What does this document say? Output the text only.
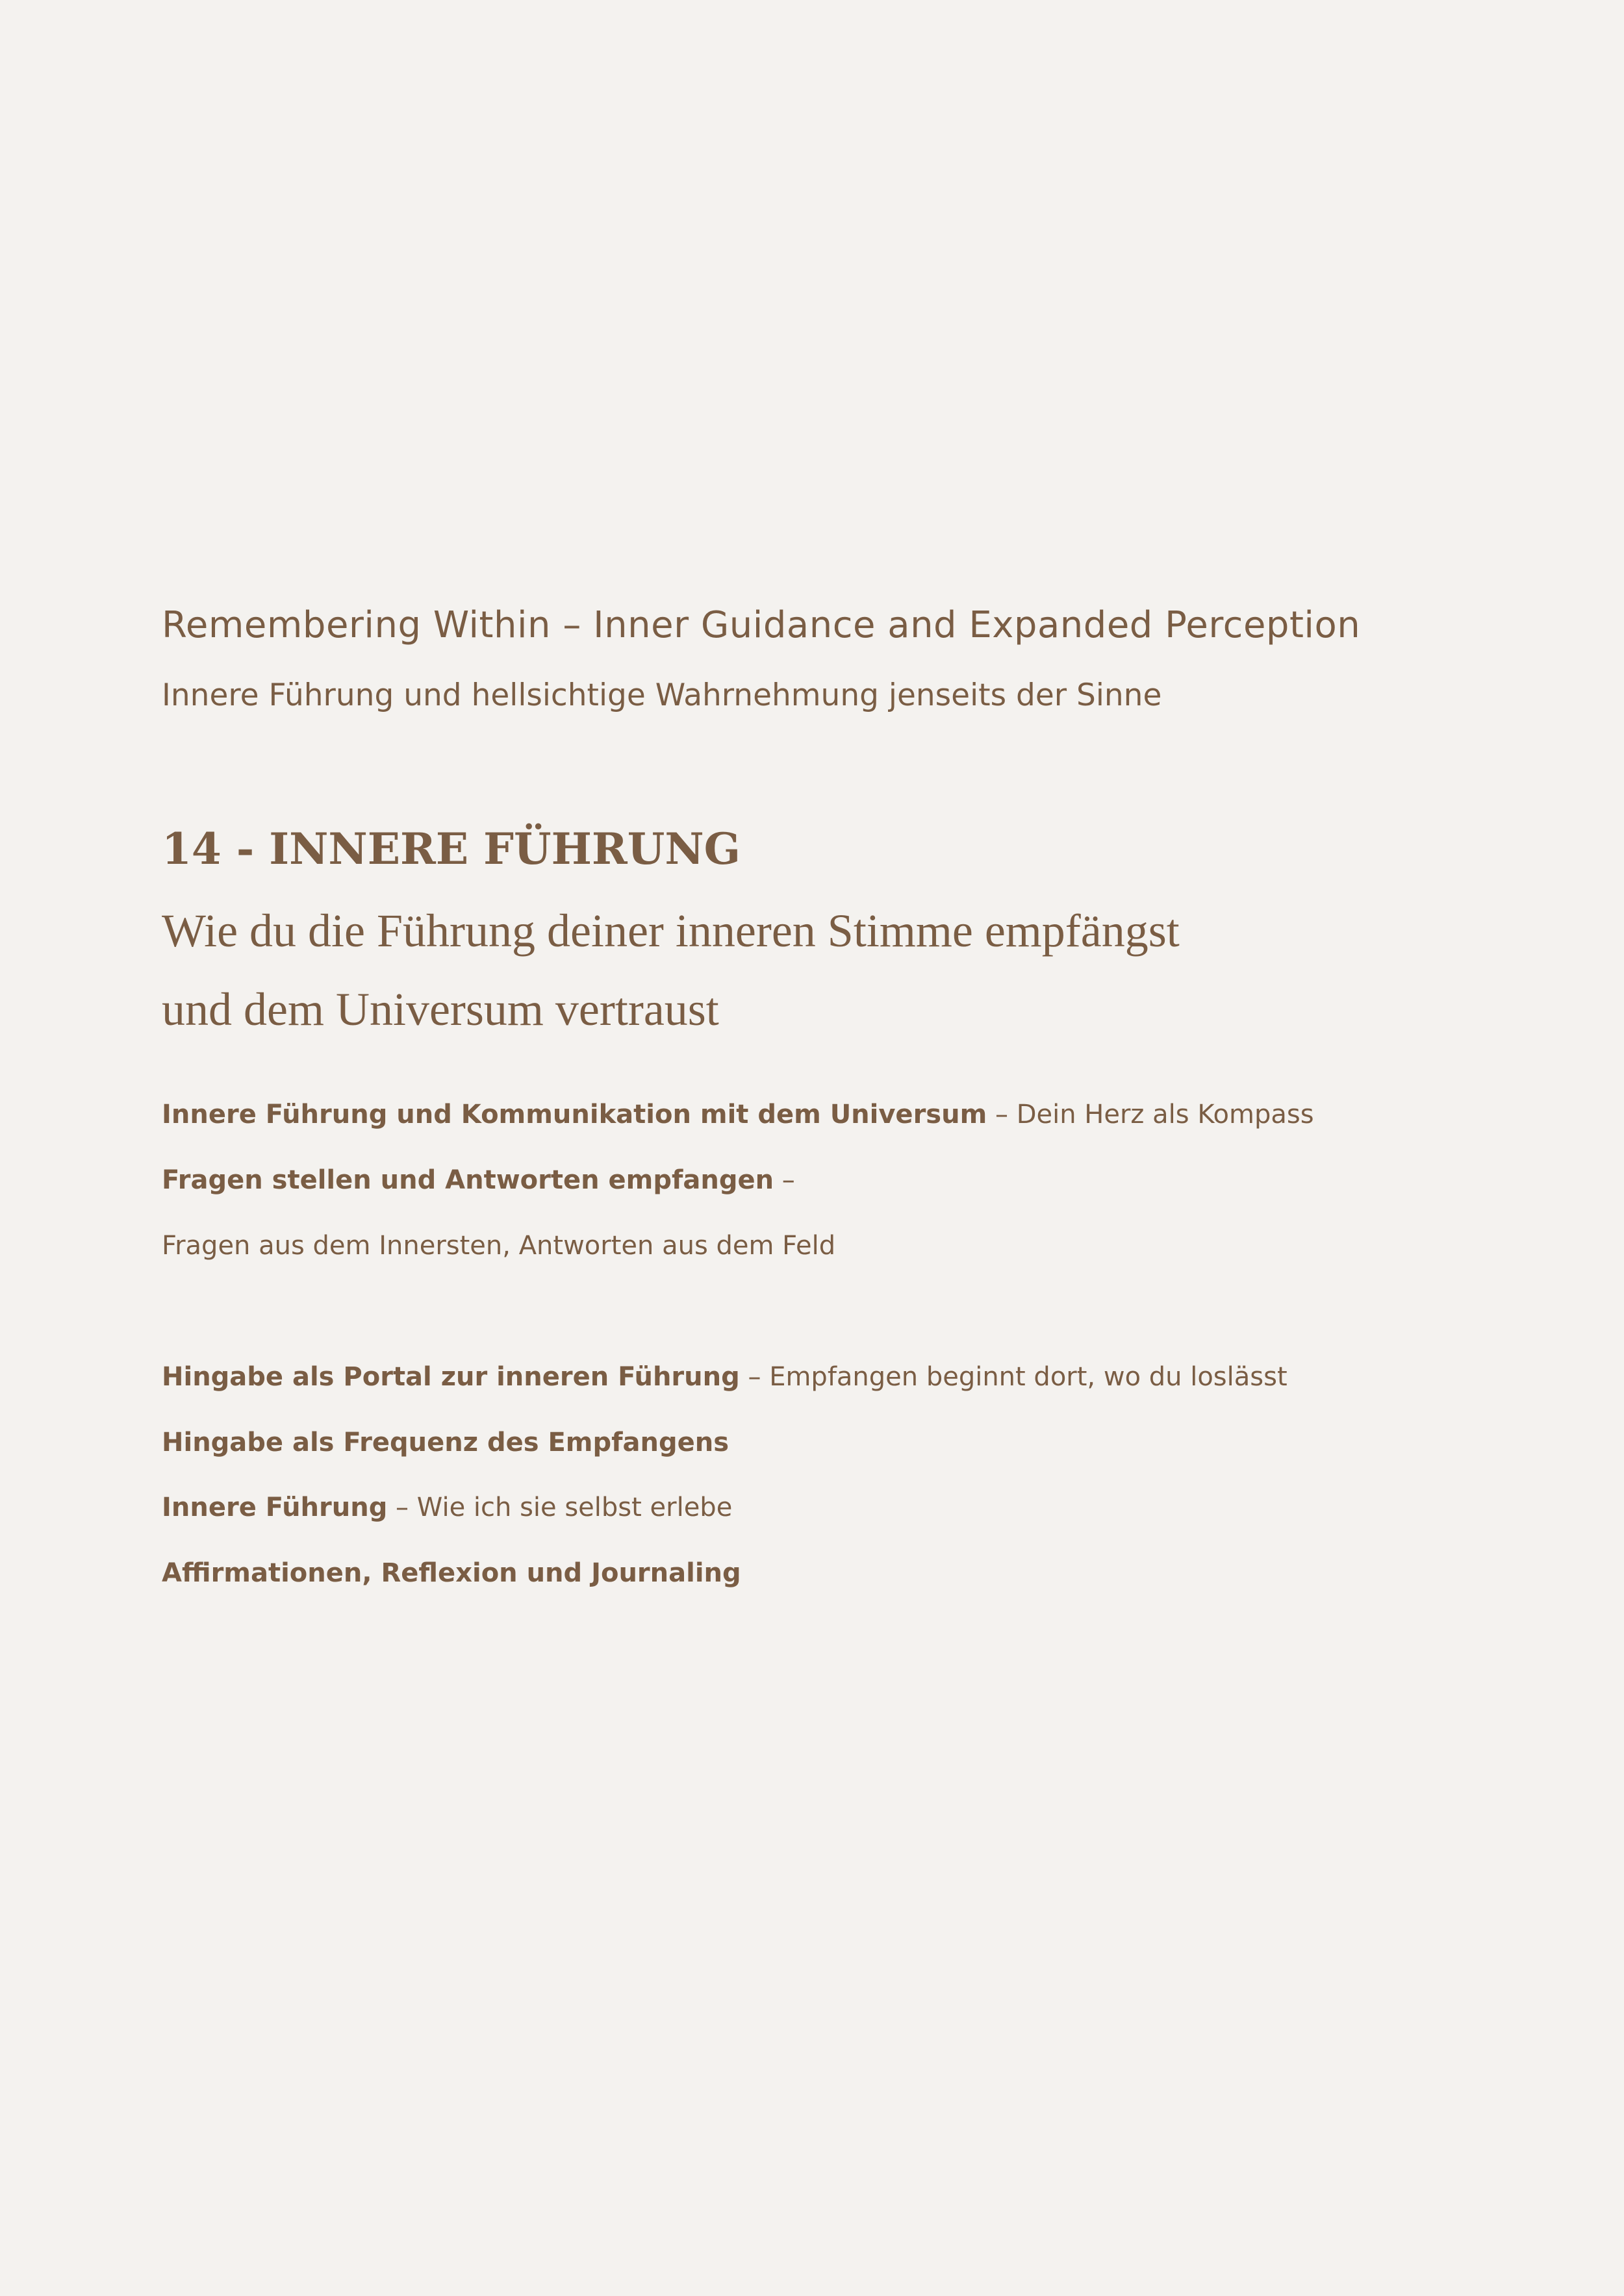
Remembering Within – Inner Guidance and Expanded Perception
Innere Führung und hellsichtige Wahrnehmung jenseits der Sinne
14 - INNERE FÜHRUNG
Wie du die Führung deiner inneren Stimme empfängst
und dem Universum vertraust
Innere Führung und Kommunikation mit dem Universum – Dein Herz als Kompass
Fragen stellen und Antworten empfangen –
Fragen aus dem Innersten, Antworten aus dem Feld
Hingabe als Portal zur inneren Führung – Empfangen beginnt dort, wo du loslässt
Hingabe als Frequenz des Empfangens
Innere Führung – Wie ich sie selbst erlebe
Affirmationen, Reflexion und Journaling
